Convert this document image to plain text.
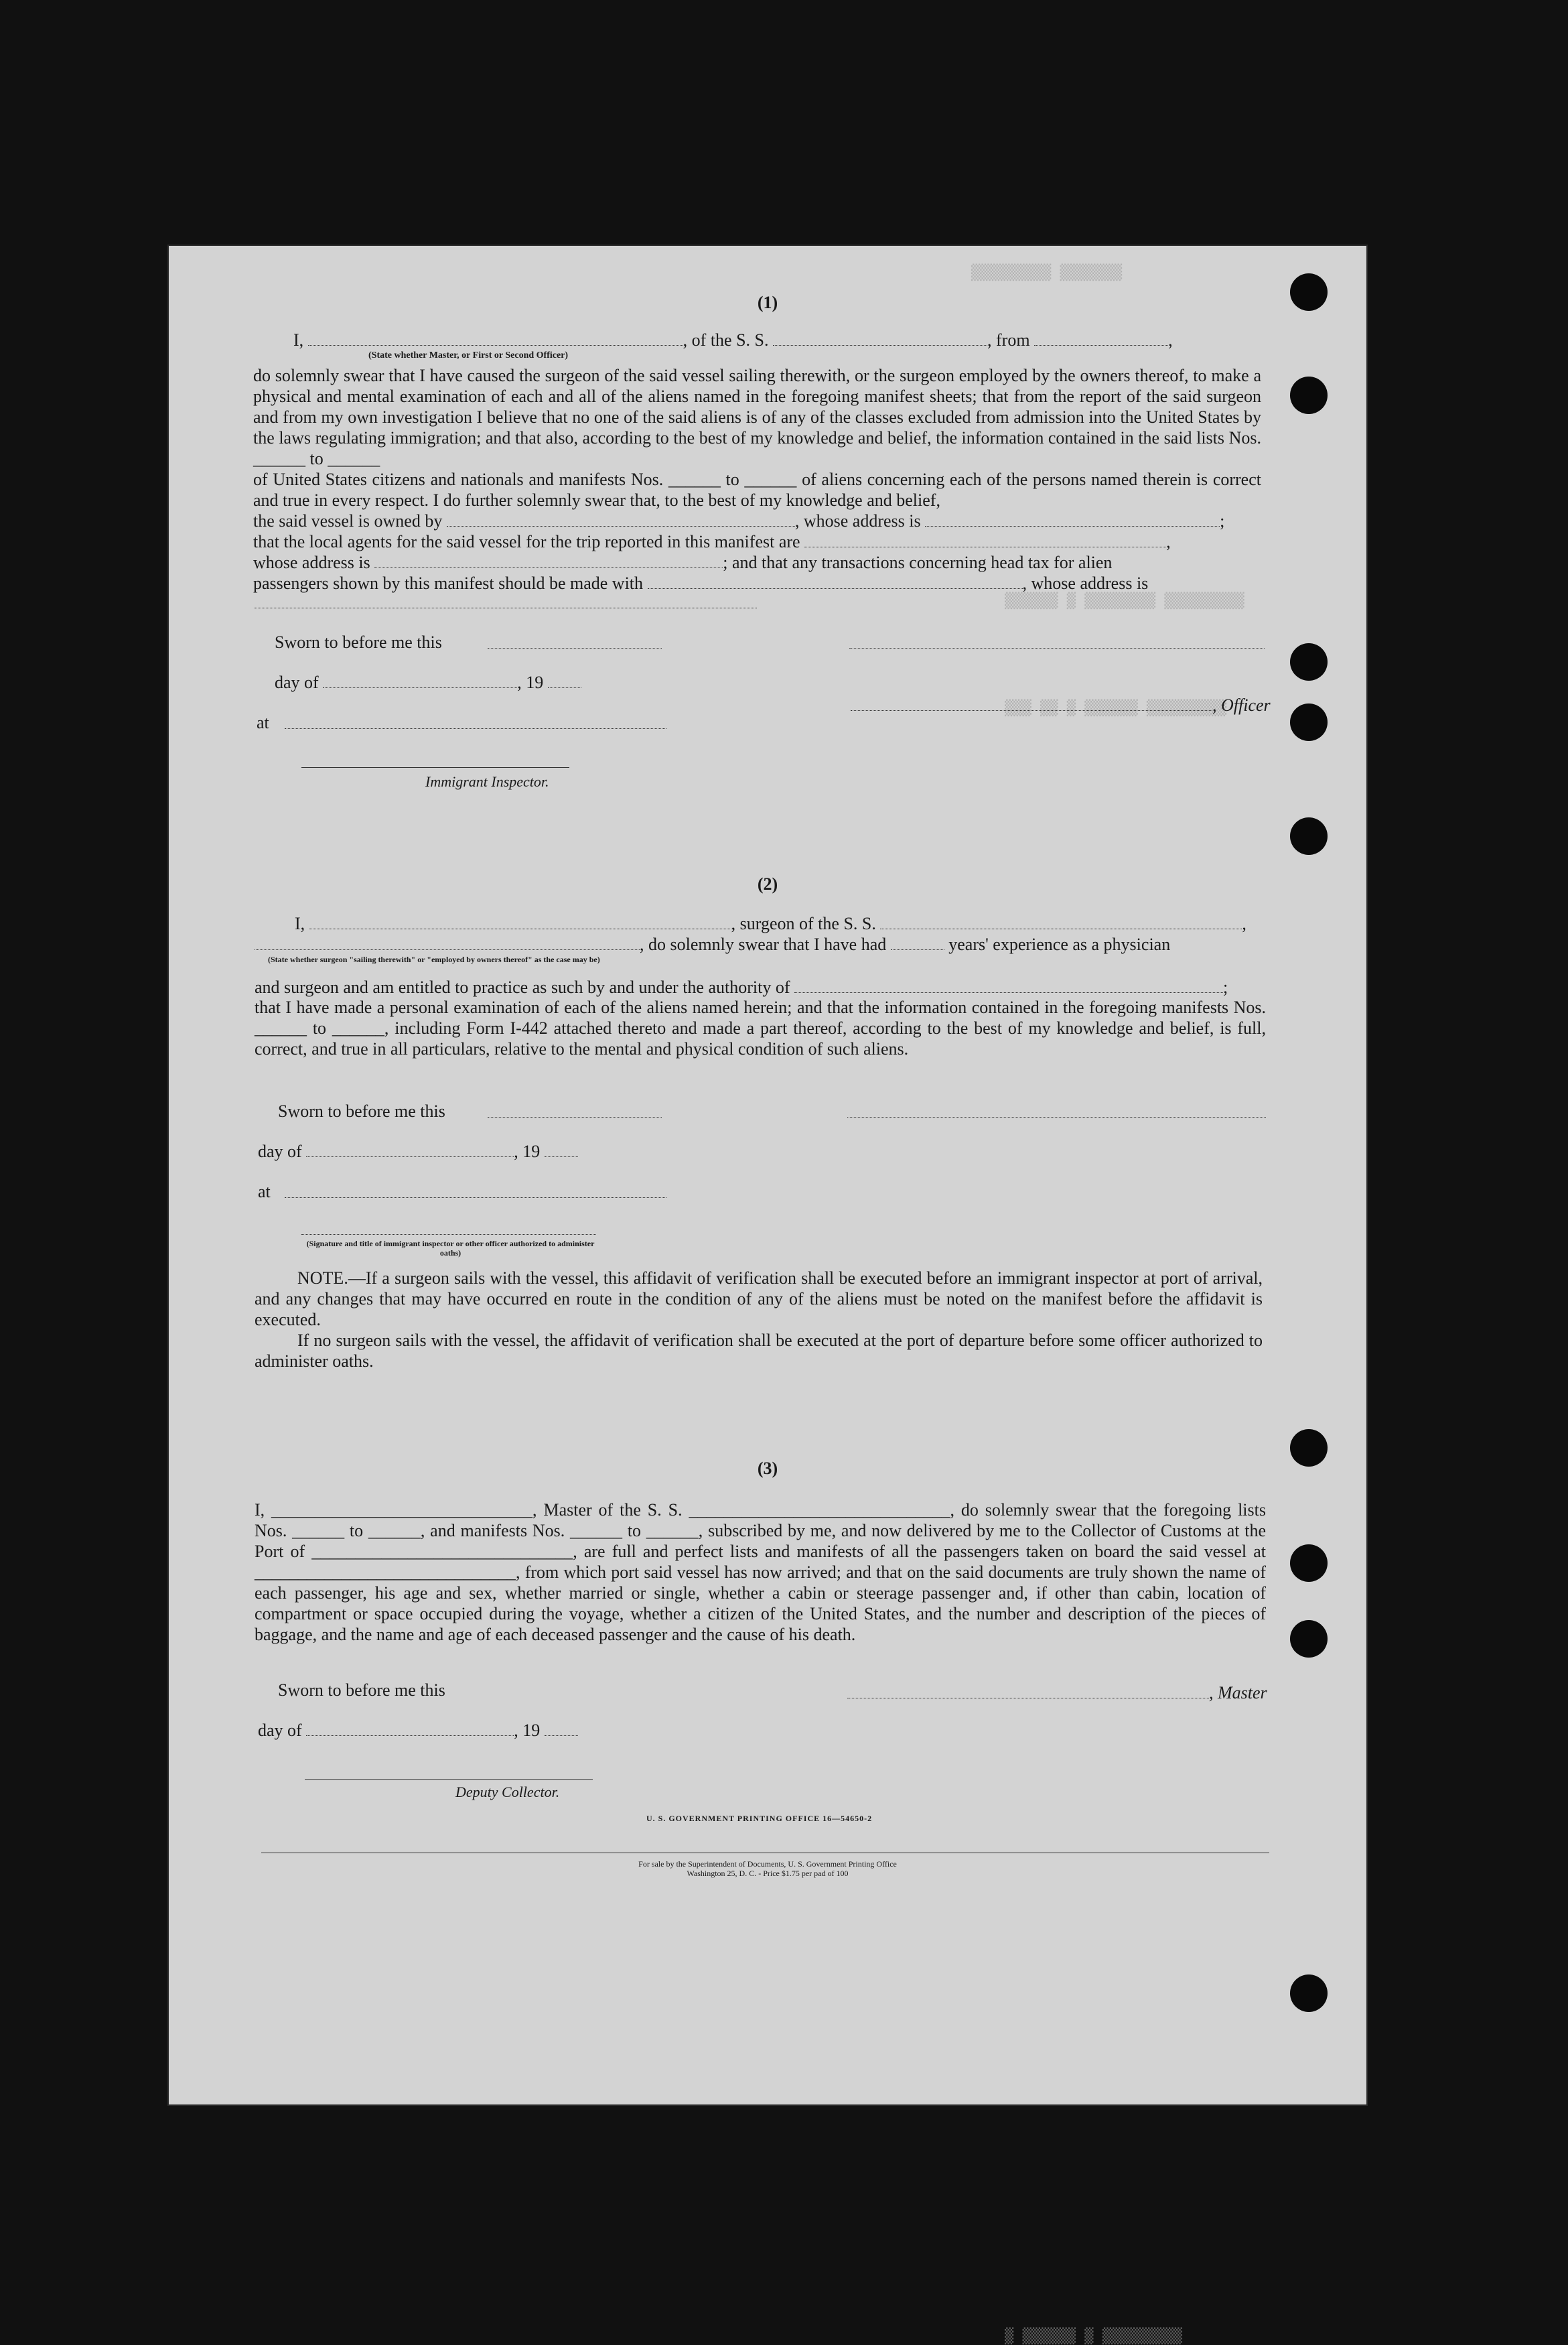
▒▒▒▒▒▒▒ ▒▒▒▒▒▒▒▒▒
▒▒▒▒▒▒▒▒▒ ▒▒▒▒▒▒▒▒ ▒ ▒▒▒▒▒▒
▒▒▒▒▒▒▒▒▒ ▒▒▒▒▒▒ ▒ ▒▒ ▒▒▒
▒▒▒▒▒▒▒▒▒ ▒ ▒▒▒▒▒▒ ▒
(1)
I,	, of the S. S.	, from	,
(State whether Master, or First or Second Officer)
do solemnly swear that I have caused the surgeon of the said vessel sailing therewith, or the surgeon employed by the owners thereof, to make a physical and mental examination of each and all of the aliens named in the foregoing manifest sheets; that from the report of the said surgeon and from my own investigation I believe that no one of the said aliens is of any of the classes excluded from admission into the United States by the laws regulating immigration; and that also, according to the best of my knowledge and belief, the information contained in the said lists Nos. ______ to ______
of United States citizens and nationals and manifests Nos. ______ to ______ of aliens concerning each of the persons named therein is correct and true in every respect. I do further solemnly swear that, to the best of my knowledge and belief,
the said vessel is owned by	, whose address is	;
that the local agents for the said vessel for the trip reported in this manifest are	,
whose address is	; and that any transactions concerning head tax for alien
passengers shown by this manifest should be made with	, whose address is
Sworn to before me this
day of	, 19
, Officer
at
Immigrant Inspector.
(2)
I,	, surgeon of the S. S.	,
, do solemnly swear that I have had	years' experience as a physician
(State whether surgeon "sailing therewith" or "employed by owners thereof" as the case may be)
and surgeon and am entitled to practice as such by and under the authority of	;
that I have made a personal examination of each of the aliens named herein; and that the information contained in the foregoing manifests Nos. ______ to ______, including Form I-442 attached thereto and made a part thereof, according to the best of my knowledge and belief, is full, correct, and true in all particulars, relative to the mental and physical condition of such aliens.
Sworn to before me this
day of	, 19
at
(Signature and title of immigrant inspector or other officer authorized to administer oaths)
NOTE.—If a surgeon sails with the vessel, this affidavit of verification shall be executed before an immigrant inspector at port of arrival, and any changes that may have occurred en route in the condition of any of the aliens must be noted on the manifest before the affidavit is executed.
If no surgeon sails with the vessel, the affidavit of verification shall be executed at the port of departure before some officer authorized to administer oaths.
(3)
I, ______________________________, Master of the S. S. ______________________________, do solemnly swear that the foregoing lists Nos. ______ to ______, and manifests Nos. ______ to ______, subscribed by me, and now delivered by me to the Collector of Customs at the Port of ______________________________, are full and perfect lists and manifests of all the passengers taken on board the said vessel at ______________________________, from which port said vessel has now arrived; and that on the said documents are truly shown the name of each passenger, his age and sex, whether married or single, whether a cabin or steerage passenger and, if other than cabin, location of compartment or space occupied during the voyage, whether a citizen of the United States, and the number and description of the pieces of baggage, and the name and age of each deceased passenger and the cause of his death.
Sworn to before me this	, Master
day of	, 19
Deputy Collector.
U. S. GOVERNMENT PRINTING OFFICE 16—54650-2
For sale by the Superintendent of Documents, U. S. Government Printing Office
Washington 25, D. C. - Price $1.75 per pad of 100
